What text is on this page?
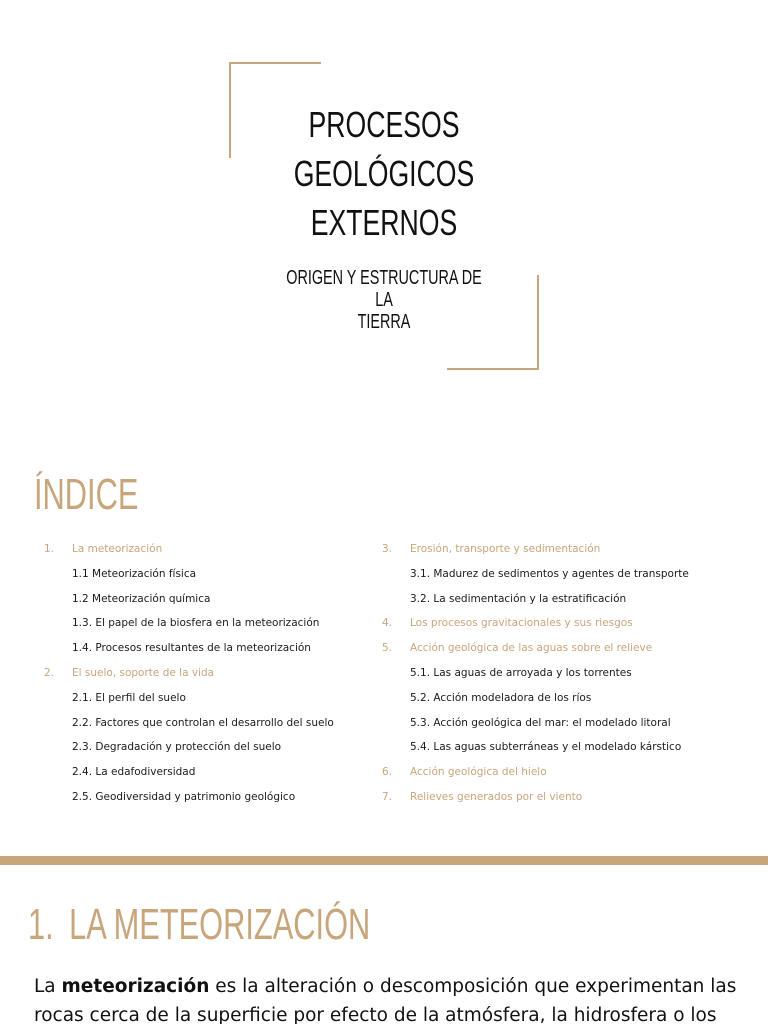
PROCESOS
GEOLÓGICOS
EXTERNOS

ORIGEN Y ESTRUCTURA DE LA
TIERRA

ÍNDICE
1. La meteorización
1.1 Meteorización física
1.2 Meteorización química
1.3. El papel de la biosfera en la meteorización
1.4. Procesos resultantes de la meteorización
2. El suelo, soporte de la vida
2.1. El perfil del suelo
2.2. Factores que controlan el desarrollo del suelo
2.3. Degradación y protección del suelo
2.4. La edafodiversidad
2.5. Geodiversidad y patrimonio geológico
3. Erosión, transporte y sedimentación
3.1. Madurez de sedimentos y agentes de transporte
3.2. La sedimentación y la estratificación
4. Los procesos gravitacionales y sus riesgos
5. Acción geológica de las aguas sobre el relieve
5.1. Las aguas de arroyada y los torrentes
5.2. Acción modeladora de los ríos
5.3. Acción geológica del mar: el modelado litoral
5.4. Las aguas subterráneas y el modelado kárstico
6. Acción geológica del hielo
7. Relieves generados por el viento
1. LA METEORIZACIÓN

La meteorización es la alteración o descomposición que experimentan las rocas cerca de la superficie por efecto de la atmósfera, la hidrosfera o los
